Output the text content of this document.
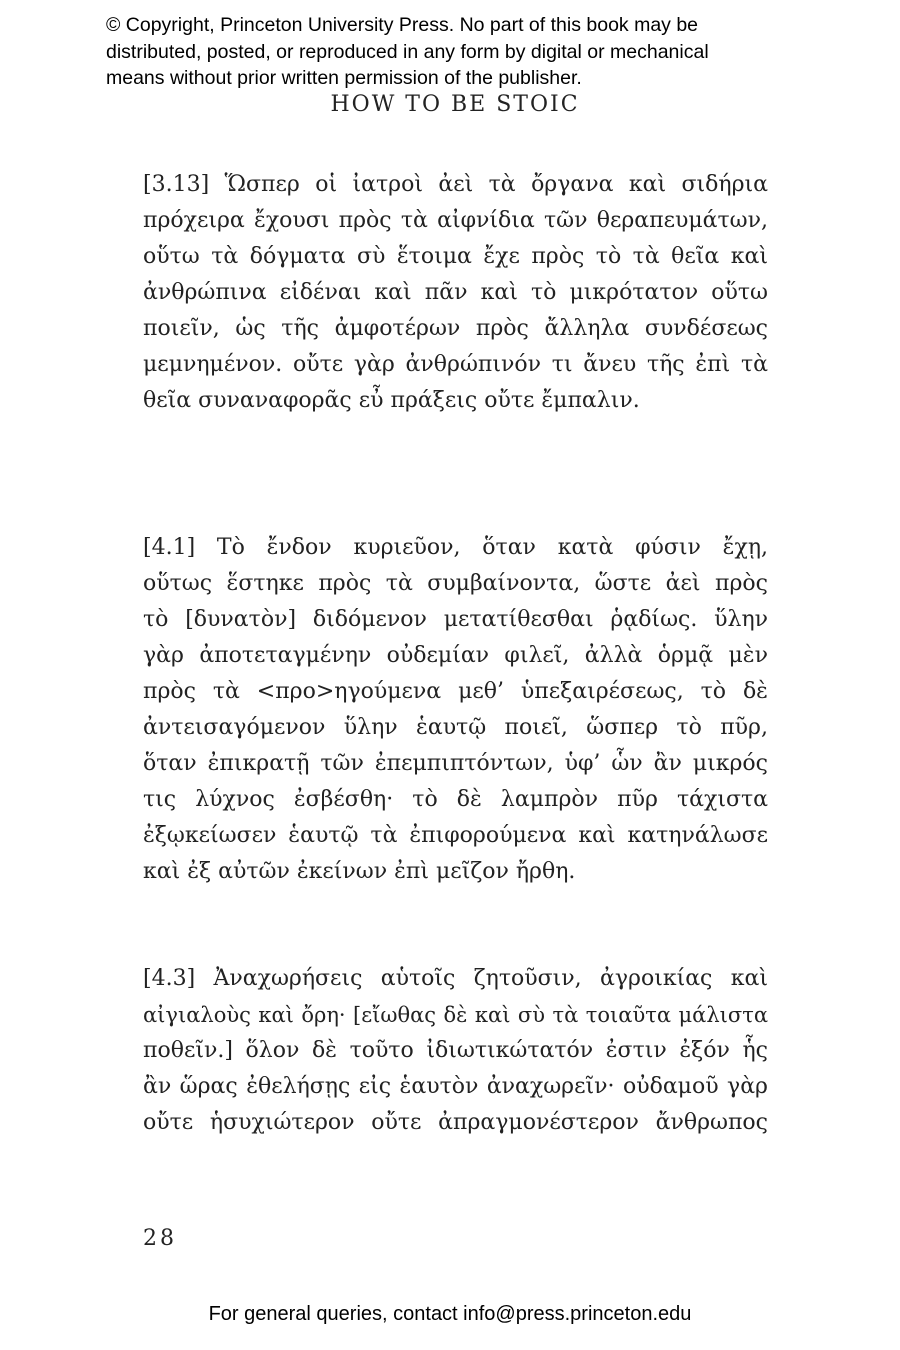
© Copyright, Princeton University Press. No part of this book may be
distributed, posted, or reproduced in any form by digital or mechanical
means without prior written permission of the publisher.
HOW TO BE STOIC
[3.13] Ὥσπερ οἱ ἰατροὶ ἀεὶ τὰ ὄργανα καὶ σιδήρια
πρόχειρα ἔχουσι πρὸς τὰ αἰφνίδια τῶν θεραπευμάτων,
οὕτω τὰ δόγματα σὺ ἕτοιμα ἔχε πρὸς τὸ τὰ θεῖα καὶ
ἀνθρώπινα εἰδέναι καὶ πᾶν καὶ τὸ μικρότατον οὕτω
ποιεῖν, ὡς τῆς ἀμφοτέρων πρὸς ἄλληλα συνδέσεως
μεμνημένον. οὔτε γὰρ ἀνθρώπινόν τι ἄνευ τῆς ἐπὶ τὰ
θεῖα συναναφορᾶς εὖ πράξεις οὔτε ἔμπαλιν.
[4.1] Τὸ ἔνδον κυριεῦον, ὅταν κατὰ φύσιν ἔχῃ,
οὕτως ἕστηκε πρὸς τὰ συμβαίνοντα, ὥστε ἀεὶ πρὸς
τὸ [δυνατὸν] διδόμενον μετατίθεσθαι ῥᾳδίως. ὕλην
γὰρ ἀποτεταγμένην οὐδεμίαν φιλεῖ, ἀλλὰ ὁρμᾷ μὲν
πρὸς τὰ <προ>ηγούμενα μεθ’ ὑπεξαιρέσεως, τὸ δὲ
ἀντεισαγόμενον ὕλην ἑαυτῷ ποιεῖ, ὥσπερ τὸ πῦρ,
ὅταν ἐπικρατῇ τῶν ἐπεμπιπτόντων, ὑφ’ ὧν ἂν μικρός
τις λύχνος ἐσβέσθη· τὸ δὲ λαμπρὸν πῦρ τάχιστα
ἐξῳκείωσεν ἑαυτῷ τὰ ἐπιφορούμενα καὶ κατηνάλωσε
καὶ ἐξ αὐτῶν ἐκείνων ἐπὶ μεῖζον ἤρθη.
[4.3] Ἀναχωρήσεις αὑτοῖς ζητοῦσιν, ἀγροικίας καὶ
αἰγιαλοὺς καὶ ὄρη· [εἴωθας δὲ καὶ σὺ τὰ τοιαῦτα μάλιστα
ποθεῖν.] ὅλον δὲ τοῦτο ἰδιωτικώτατόν ἐστιν ἐξόν ἧς
ἂν ὥρας ἐθελήσῃς εἰς ἑαυτὸν ἀναχωρεῖν· οὐδαμοῦ γὰρ
οὔτε ἡσυχιώτερον οὔτε ἀπραγμονέστερον ἄνθρωπος
28
For general queries, contact info@press.princeton.edu
